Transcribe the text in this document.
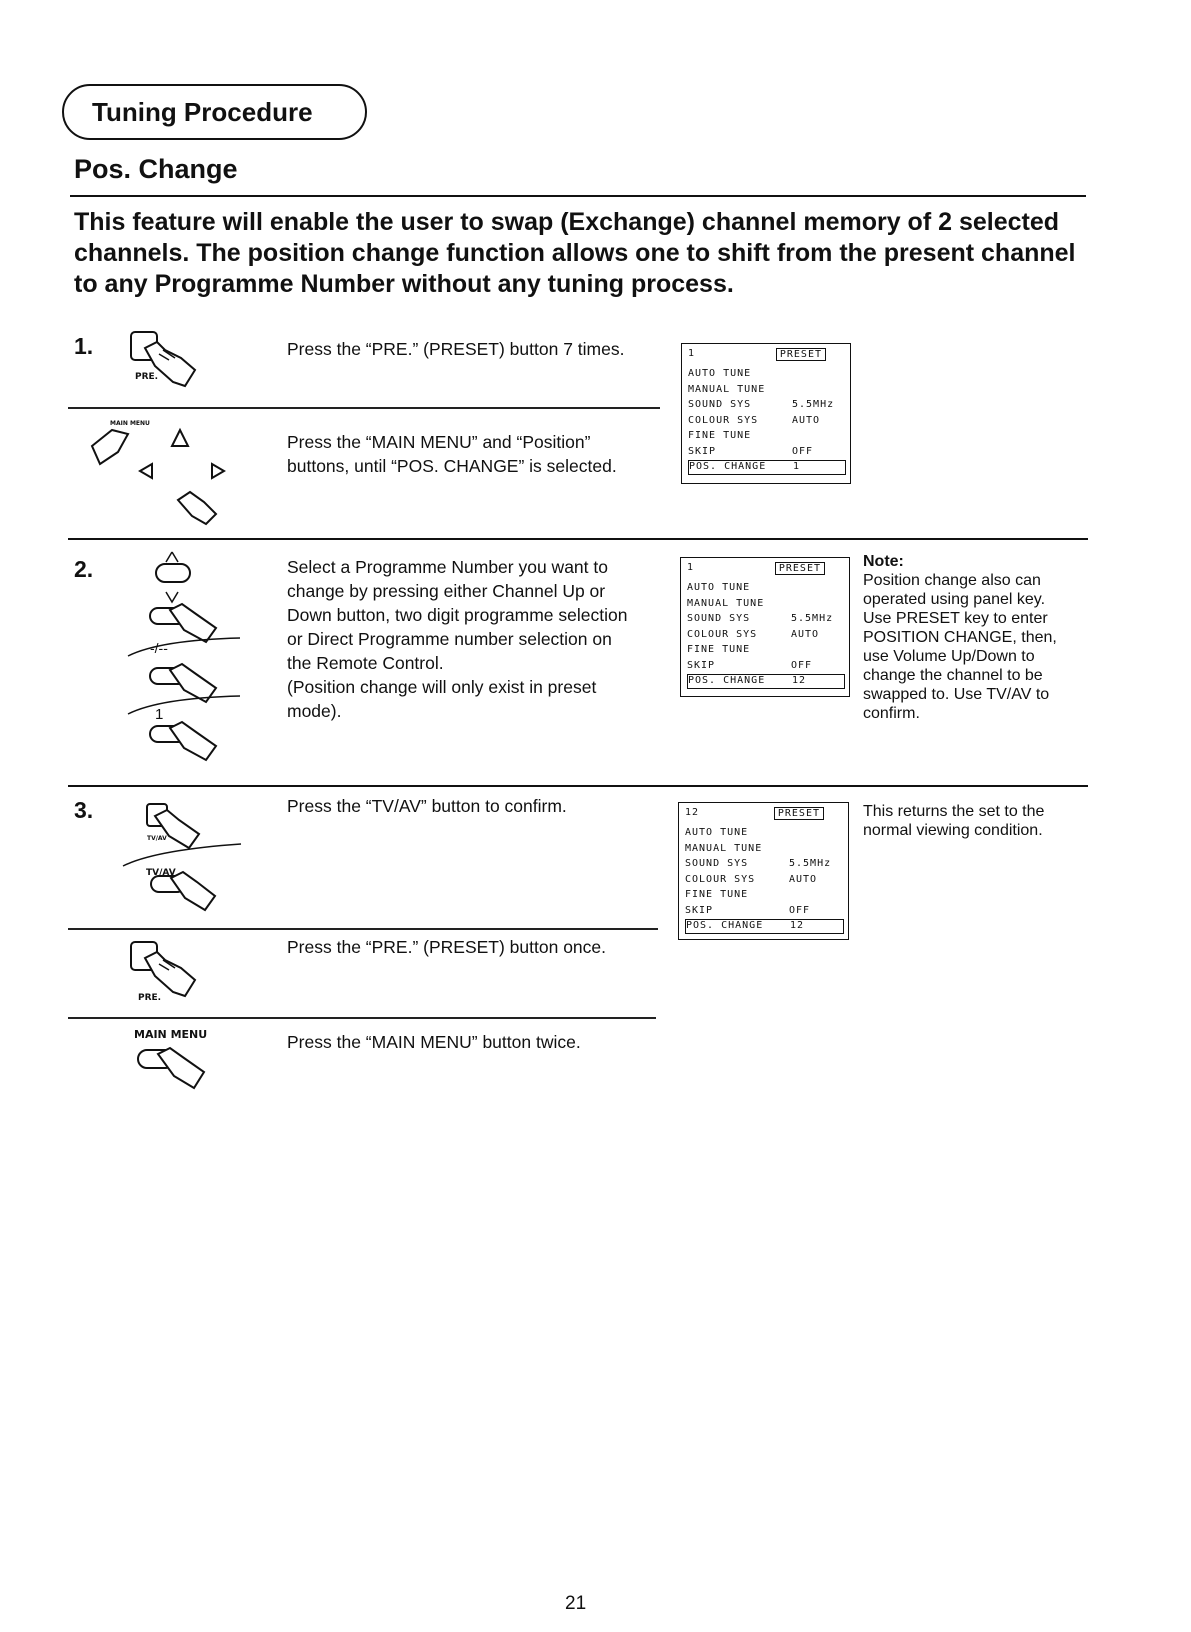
Tuning Procedure
Pos. Change
This feature will enable the user to swap (Exchange) channel memory of 2 selected channels. The position change function allows one to shift from the present channel to any Programme Number without any tuning process.
1.
PRE.
Press the “PRE.” (PRESET) button 7 times.
MAIN MENU
Press the “MAIN MENU” and “Position”
buttons, until “POS. CHANGE” is selected.
1	PRESET
AUTO TUNE
MANUAL TUNE
SOUND SYS	5.5MHz
COLOUR SYS	AUTO
FINE TUNE
SKIP	OFF
POS. CHANGE	1
2.
-/--
1
Select a Programme Number you want to
change by pressing either Channel Up or
Down button, two digit programme selection
or Direct Programme number selection on
the Remote Control.
(Position change will only exist in preset
mode).
1	PRESET
AUTO TUNE
MANUAL TUNE
SOUND SYS	5.5MHz
COLOUR SYS	AUTO
FINE TUNE
SKIP	OFF
POS. CHANGE	12
Note:
Position change also can
operated using panel key.
Use PRESET key to enter
POSITION CHANGE, then,
use Volume Up/Down to
change the channel to be
swapped to. Use TV/AV to
confirm.
3.
TV/AV
TV/AV
Press the “TV/AV” button to confirm.	12	PRESET
AUTO TUNE
MANUAL TUNE
SOUND SYS	5.5MHz
COLOUR SYS	AUTO
FINE TUNE
SKIP	OFF
POS. CHANGE	12
This returns the set to the
normal viewing condition.
PRE.
Press the “PRE.” (PRESET) button once.
MAIN MENU	Press the “MAIN MENU” button twice.
21
